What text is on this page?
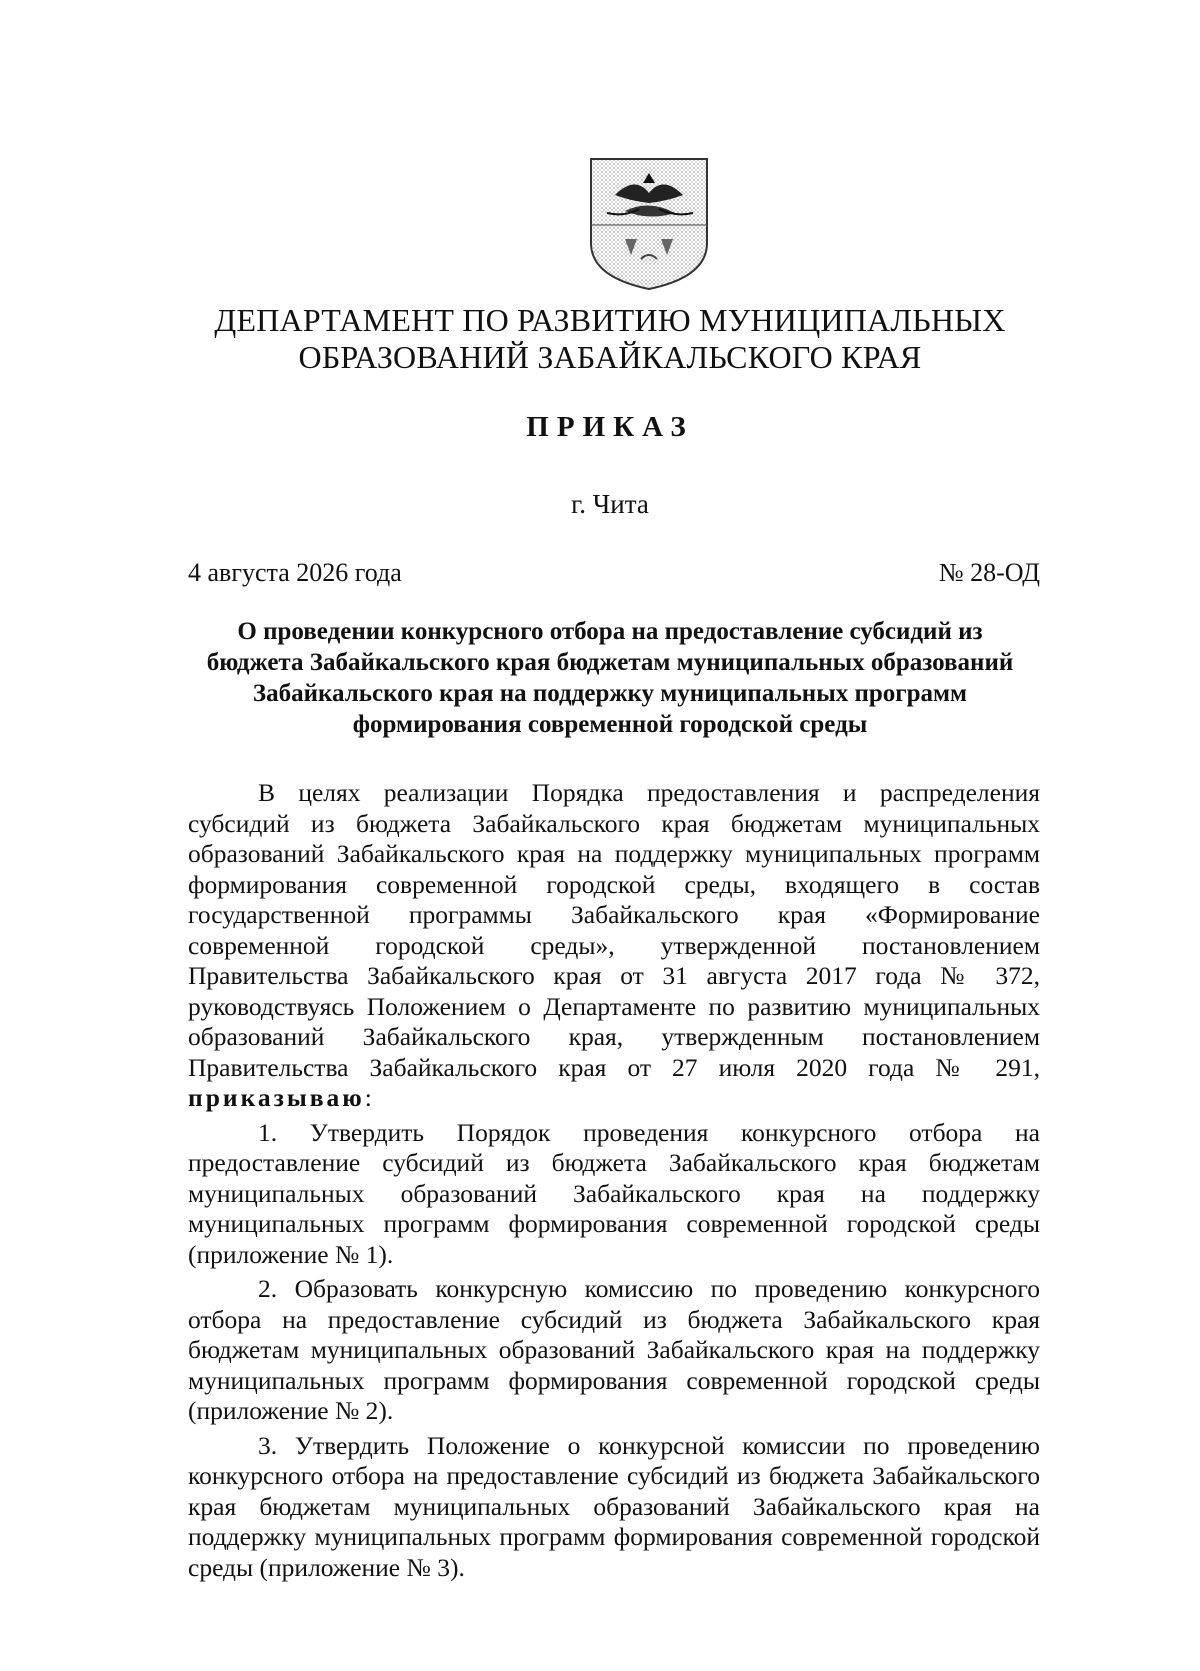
ДЕПАРТАМЕНТ ПО РАЗВИТИЮ МУНИЦИПАЛЬНЫХ
ОБРАЗОВАНИЙ ЗАБАЙКАЛЬСКОГО КРАЯ
ПРИКАЗ
г. Чита
4 августа 2026 года	№ 28-ОД
О проведении конкурсного отбора на предоставление субсидий из
бюджета Забайкальского края бюджетам муниципальных образований
Забайкальского края на поддержку муниципальных программ
формирования современной городской среды

В целях реализации Порядка предоставления и распределения субсидий из бюджета Забайкальского края бюджетам муниципальных образований Забайкальского края на поддержку муниципальных программ формирования современной городской среды, входящего в состав государственной программы Забайкальского края «Формирование современной городской среды», утвержденной постановлением Правительства Забайкальского края от 31 августа 2017 года № 372, руководствуясь Положением о Департаменте по развитию муниципальных образований Забайкальского края, утвержденным постановлением Правительства Забайкальского края от 27 июля 2020 года № 291, приказываю:

1. Утвердить Порядок проведения конкурсного отбора на предоставление субсидий из бюджета Забайкальского края бюджетам муниципальных образований Забайкальского края на поддержку муниципальных программ формирования современной городской среды (приложение № 1).

2. Образовать конкурсную комиссию по проведению конкурсного отбора на предоставление субсидий из бюджета Забайкальского края бюджетам муниципальных образований Забайкальского края на поддержку муниципальных программ формирования современной городской среды (приложение № 2).

3. Утвердить Положение о конкурсной комиссии по проведению конкурсного отбора на предоставление субсидий из бюджета Забайкальского края бюджетам муниципальных образований Забайкальского края на поддержку муниципальных программ формирования современной городской среды (приложение № 3).
